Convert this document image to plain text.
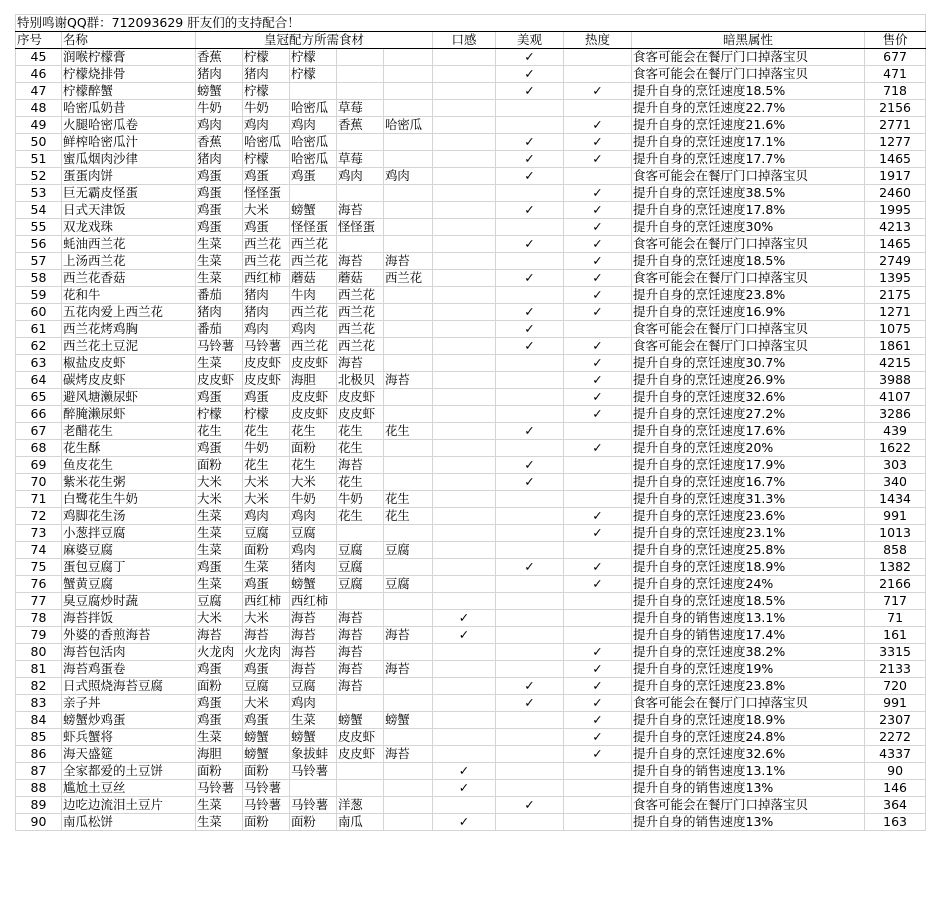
特别鸣谢QQ群：712093629 肝友们的支持配合！											
序号	名称	皇冠配方所需食材					口感	美观	热度	暗黑属性	售价
45	润喉柠檬膏	香蕉	柠檬	柠檬				✓		食客可能会在餐厅门口掉落宝贝	677
46	柠檬烧排骨	猪肉	猪肉	柠檬				✓		食客可能会在餐厅门口掉落宝贝	471
47	柠檬醉蟹	螃蟹	柠檬					✓	✓	提升自身的烹饪速度18.5%	718
48	哈密瓜奶昔	牛奶	牛奶	哈密瓜	草莓					提升自身的烹饪速度22.7%	2156
49	火腿哈密瓜卷	鸡肉	鸡肉	鸡肉	香蕉	哈密瓜			✓	提升自身的烹饪速度21.6%	2771
50	鲜榨哈密瓜汁	香蕉	哈密瓜	哈密瓜				✓	✓	提升自身的烹饪速度17.1%	1277
51	蜜瓜烟肉沙律	猪肉	柠檬	哈密瓜	草莓			✓	✓	提升自身的烹饪速度17.7%	1465
52	蛋蛋肉饼	鸡蛋	鸡蛋	鸡蛋	鸡肉	鸡肉		✓		食客可能会在餐厅门口掉落宝贝	1917
53	巨无霸皮怪蛋	鸡蛋	怪怪蛋						✓	提升自身的烹饪速度38.5%	2460
54	日式天津饭	鸡蛋	大米	螃蟹	海苔			✓	✓	提升自身的烹饪速度17.8%	1995
55	双龙戏珠	鸡蛋	鸡蛋	怪怪蛋	怪怪蛋				✓	提升自身的烹饪速度30%	4213
56	蚝油西兰花	生菜	西兰花	西兰花				✓	✓	食客可能会在餐厅门口掉落宝贝	1465
57	上汤西兰花	生菜	西兰花	西兰花	海苔	海苔			✓	提升自身的烹饪速度18.5%	2749
58	西兰花香菇	生菜	西红柿	蘑菇	蘑菇	西兰花		✓	✓	食客可能会在餐厅门口掉落宝贝	1395
59	花和牛	番茄	猪肉	牛肉	西兰花				✓	提升自身的烹饪速度23.8%	2175
60	五花肉爱上西兰花	猪肉	猪肉	西兰花	西兰花			✓	✓	提升自身的烹饪速度16.9%	1271
61	西兰花烤鸡胸	番茄	鸡肉	鸡肉	西兰花			✓		食客可能会在餐厅门口掉落宝贝	1075
62	西兰花土豆泥	马铃薯	马铃薯	西兰花	西兰花			✓	✓	食客可能会在餐厅门口掉落宝贝	1861
63	椒盐皮皮虾	生菜	皮皮虾	皮皮虾	海苔				✓	提升自身的烹饪速度30.7%	4215
64	碳烤皮皮虾	皮皮虾	皮皮虾	海胆	北极贝	海苔			✓	提升自身的烹饪速度26.9%	3988
65	避风塘濑尿虾	鸡蛋	鸡蛋	皮皮虾	皮皮虾				✓	提升自身的烹饪速度32.6%	4107
66	醉腌濑尿虾	柠檬	柠檬	皮皮虾	皮皮虾				✓	提升自身的烹饪速度27.2%	3286
67	老醋花生	花生	花生	花生	花生	花生		✓		提升自身的烹饪速度17.6%	439
68	花生酥	鸡蛋	牛奶	面粉	花生				✓	提升自身的烹饪速度20%	1622
69	鱼皮花生	面粉	花生	花生	海苔			✓		提升自身的烹饪速度17.9%	303
70	紫米花生粥	大米	大米	大米	花生			✓		提升自身的烹饪速度16.7%	340
71	白鹭花生牛奶	大米	大米	牛奶	牛奶	花生				提升自身的烹饪速度31.3%	1434
72	鸡脚花生汤	生菜	鸡肉	鸡肉	花生	花生			✓	提升自身的烹饪速度23.6%	991
73	小葱拌豆腐	生菜	豆腐	豆腐					✓	提升自身的烹饪速度23.1%	1013
74	麻婆豆腐	生菜	面粉	鸡肉	豆腐	豆腐				提升自身的烹饪速度25.8%	858
75	蛋包豆腐丁	鸡蛋	生菜	猪肉	豆腐			✓	✓	提升自身的烹饪速度18.9%	1382
76	蟹黄豆腐	生菜	鸡蛋	螃蟹	豆腐	豆腐			✓	提升自身的烹饪速度24%	2166
77	臭豆腐炒时蔬	豆腐	西红柿	西红柿						提升自身的烹饪速度18.5%	717
78	海苔拌饭	大米	大米	海苔	海苔		✓			提升自身的销售速度13.1%	71
79	外婆的香煎海苔	海苔	海苔	海苔	海苔	海苔	✓			提升自身的销售速度17.4%	161
80	海苔包活肉	火龙肉	火龙肉	海苔	海苔				✓	提升自身的烹饪速度38.2%	3315
81	海苔鸡蛋卷	鸡蛋	鸡蛋	海苔	海苔	海苔			✓	提升自身的烹饪速度19%	2133
82	日式照烧海苔豆腐	面粉	豆腐	豆腐	海苔			✓	✓	提升自身的烹饪速度23.8%	720
83	亲子丼	鸡蛋	大米	鸡肉				✓	✓	食客可能会在餐厅门口掉落宝贝	991
84	螃蟹炒鸡蛋	鸡蛋	鸡蛋	生菜	螃蟹	螃蟹			✓	提升自身的烹饪速度18.9%	2307
85	虾兵蟹将	生菜	螃蟹	螃蟹	皮皮虾				✓	提升自身的烹饪速度24.8%	2272
86	海天盛筵	海胆	螃蟹	象拔蚌	皮皮虾	海苔			✓	提升自身的烹饪速度32.6%	4337
87	全家都爱的土豆饼	面粉	面粉	马铃薯			✓			提升自身的销售速度13.1%	90
88	尴尬土豆丝	马铃薯	马铃薯				✓			提升自身的销售速度13%	146
89	边吃边流泪土豆片	生菜	马铃薯	马铃薯	洋葱			✓		食客可能会在餐厅门口掉落宝贝	364
90	南瓜松饼	生菜	面粉	面粉	南瓜		✓			提升自身的销售速度13%	163
